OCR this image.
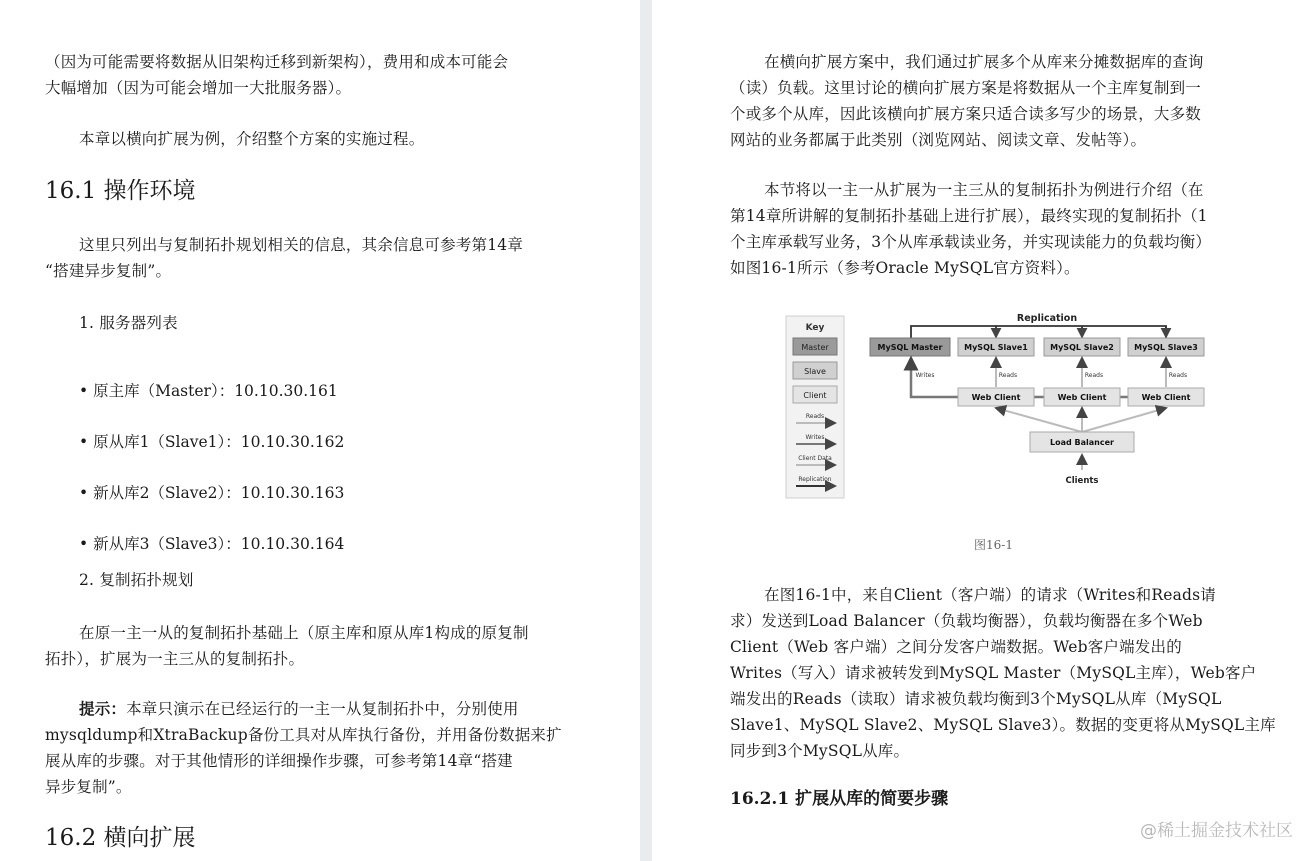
（因为可能需要将数据从旧架构迁移到新架构），费用和成本可能会

大幅增加（因为可能会增加一大批服务器）。

本章以横向扩展为例，介绍整个方案的实施过程。

16.1 操作环境

这里只列出与复制拓扑规划相关的信息，其余信息可参考第14章

“搭建异步复制”。

1. 服务器列表

• 原主库（Master）：10.10.30.161

• 原从库1（Slave1）：10.10.30.162

• 新从库2（Slave2）：10.10.30.163

• 新从库3（Slave3）：10.10.30.164

2. 复制拓扑规划

在原一主一从的复制拓扑基础上（原主库和原从库1构成的原复制

拓扑），扩展为一主三从的复制拓扑。

提示：本章只演示在已经运行的一主一从复制拓扑中，分别使用

mysqldump和XtraBackup备份工具对从库执行备份，并用备份数据来扩

展从库的步骤。对于其他情形的详细操作步骤，可参考第14章“搭建

异步复制”。

16.2 横向扩展

在横向扩展方案中，我们通过扩展多个从库来分摊数据库的查询

（读）负载。这里讨论的横向扩展方案是将数据从一个主库复制到一

个或多个从库，因此该横向扩展方案只适合读多写少的场景，大多数

网站的业务都属于此类别（浏览网站、阅读文章、发帖等）。

本节将以一主一从扩展为一主三从的复制拓扑为例进行介绍（在

第14章所讲解的复制拓扑基础上进行扩展），最终实现的复制拓扑（1

个主库承载写业务，3个从库承载读业务，并实现读能力的负载均衡）

如图16-1所示（参考Oracle MySQL官方资料）。

Key
Master
Slave
Client
Reads
Writes
Client Data
Replication
Replication
MySQL Master	MySQL Slave1	MySQL Slave2	MySQL Slave3
Writes	Reads	Reads	Reads
Web Client	Web Client	Web Client
Load Balancer
Clients
图16-1

在图16-1中，来自Client（客户端）的请求（Writes和Reads请

求）发送到Load Balancer（负载均衡器），负载均衡器在多个Web

Client（Web 客户端）之间分发客户端数据。Web客户端发出的

Writes（写入）请求被转发到MySQL Master（MySQL主库），Web客户

端发出的Reads（读取）请求被负载均衡到3个MySQL从库（MySQL

Slave1、MySQL Slave2、MySQL Slave3）。数据的变更将从MySQL主库

同步到3个MySQL从库。

16.2.1 扩展从库的简要步骤
@稀土掘金技术社区
